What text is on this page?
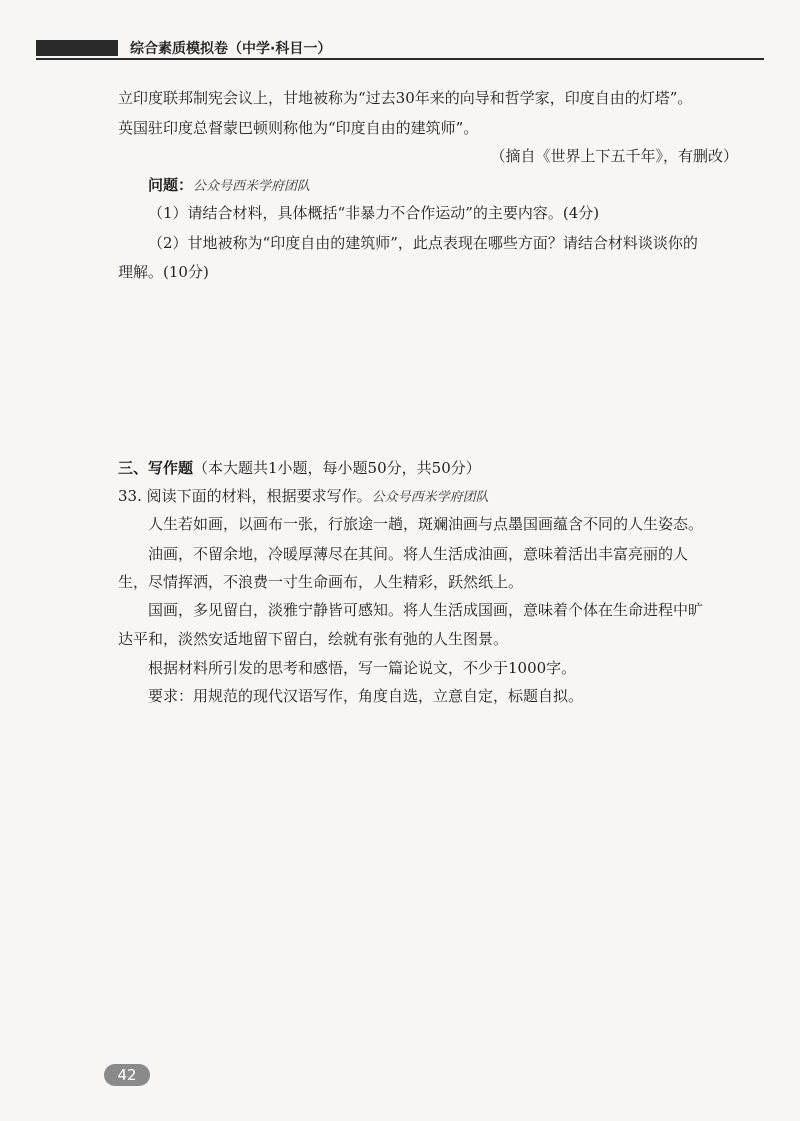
综合素质模拟卷（中学·科目一）
立印度联邦制宪会议上，甘地被称为“过去30年来的向导和哲学家，印度自由的灯塔”。
英国驻印度总督蒙巴顿则称他为“印度自由的建筑师”。
（摘自《世界上下五千年》，有删改）
问题：公众号西米学府团队
（1）请结合材料，具体概括“非暴力不合作运动”的主要内容。(4分)
（2）甘地被称为“印度自由的建筑师”，此点表现在哪些方面？请结合材料谈谈你的
理解。(10分)
三、写作题（本大题共1小题，每小题50分，共50分）
33. 阅读下面的材料，根据要求写作。公众号西米学府团队
人生若如画，以画布一张，行旅途一趟，斑斓油画与点墨国画蕴含不同的人生姿态。
油画，不留余地，冷暖厚薄尽在其间。将人生活成油画，意味着活出丰富亮丽的人
生，尽情挥洒，不浪费一寸生命画布，人生精彩，跃然纸上。
国画，多见留白，淡雅宁静皆可感知。将人生活成国画，意味着个体在生命进程中旷
达平和，淡然安适地留下留白，绘就有张有弛的人生图景。
根据材料所引发的思考和感悟，写一篇论说文，不少于1000字。
要求：用规范的现代汉语写作，角度自选，立意自定，标题自拟。
42
